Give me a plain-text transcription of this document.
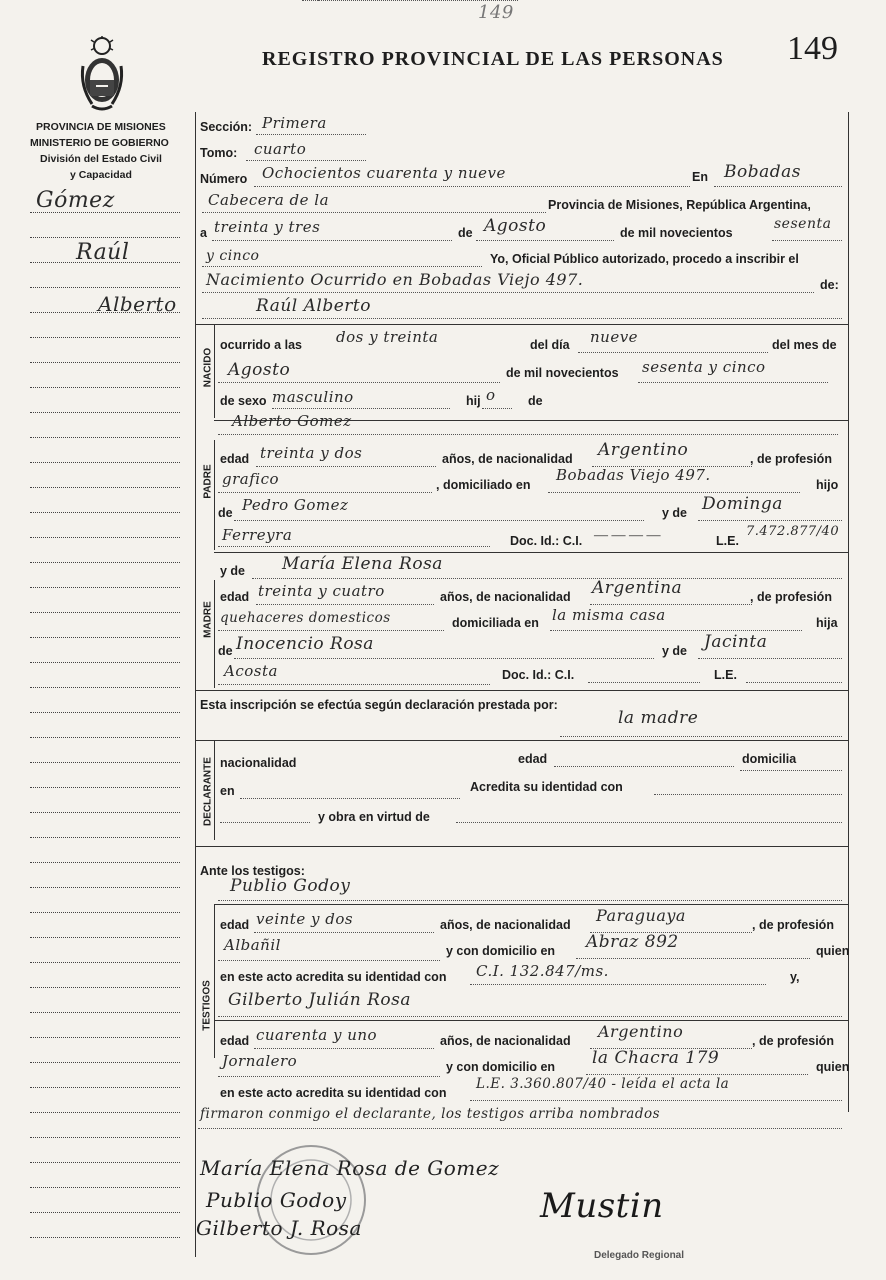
149
REGISTRO PROVINCIAL DE LAS PERSONAS 149
PROVINCIA DE MISIONES
MINISTERIO DE GOBIERNO
División del Estado Civil
y Capacidad
Gómez
Raúl
Alberto
Sección: Primera
Tomo: cuarto
Número Ochocientos cuarenta y nueve	En Bobadas
Cabecera de la	Provincia de Misiones, República Argentina,
a treinta y tres	de Agosto	de mil novecientos
sesenta
y cinco	Yo, Oficial Público autorizado, procedo a inscribir el
Nacimiento Ocurrido en Bobadas Viejo 497.	de:
Raúl Alberto
NACIDO
ocurrido a las dos y treinta	del día nueve	del mes de
Agosto	de mil novecientos sesenta y cinco
de sexo masculino	hij o	de
Alberto Gomez
PADRE
edad treinta y dos	años, de nacionalidad Argentino	, de profesión
grafico	, domiciliado en
Bobadas Viejo 497.
hijo
de Pedro Gomez	y de Dominga
Ferreyra	Doc. Id.: C.I. — — — —	L.E.
7.472.877/40
y de María Elena Rosa
MADRE
edad treinta y cuatro	años, de nacionalidad Argentina	, de profesión
quehaceres domesticos	domiciliada en la misma casa	hija
de Inocencio Rosa	y de Jacinta
Acosta	Doc. Id.: C.I.	L.E.
Esta inscripción se efectúa según declaración prestada por:
la madre
DECLARANTE nacionalidad	edad	domicilia
en	Acredita su identidad con
y obra en virtud de
Ante los testigos:
Publio Godoy
TESTIGOS
edad veinte y dos	años, de nacionalidad Paraguaya	, de profesión
Albañil	y con domicilio en Abraz 892	quien
en este acto acredita su identidad con C.I. 132.847/ms.	y,
Gilberto Julián Rosa
edad cuarenta y uno	años, de nacionalidad Argentino	, de profesión
Jornalero	y con domicilio en la Chacra 179	quien
en este acto acredita su identidad con
L.E. 3.360.807/40 - leída el acta la
firmaron conmigo el declarante, los testigos arriba nombrados
María Elena Rosa de Gomez
Publio Godoy
Gilberto J. Rosa
Mustin
Delegado Regional
